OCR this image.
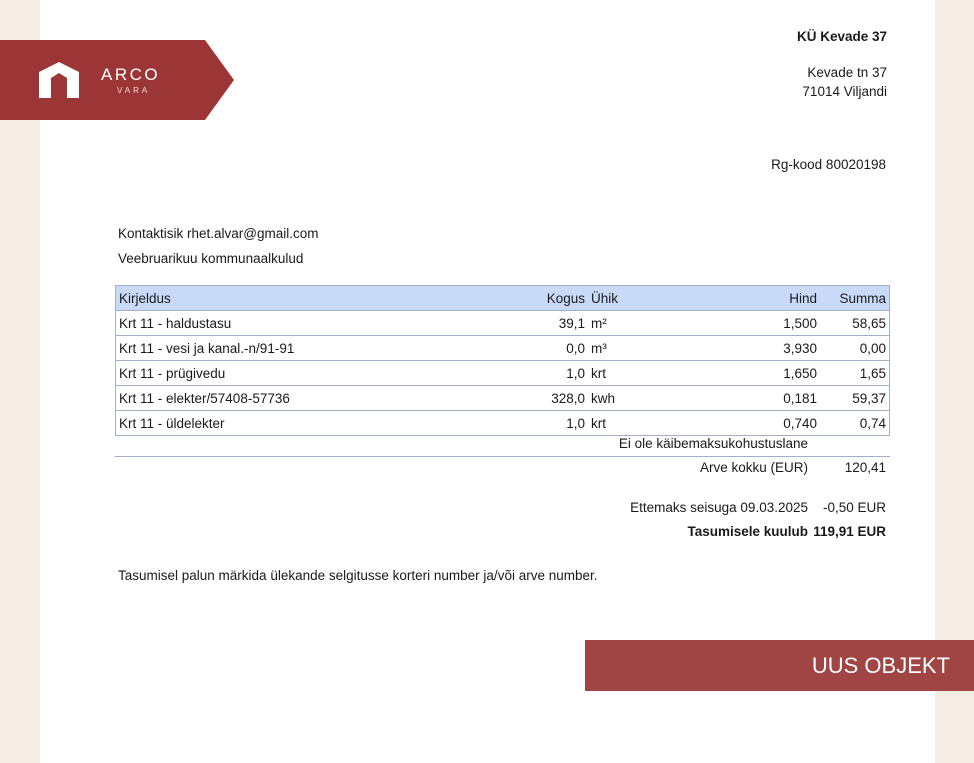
ARCO
VARA
KÜ Kevade 37
Kevade tn 37
71014 Viljandi
Rg-kood 80020198
Kontaktisik rhet.alvar@gmail.com
Veebruarikuu kommunaalkulud
Kirjeldus	Kogus	Ühik	Hind	Summa
Krt 11 - haldustasu	39,1	m²	1,500	58,65
Krt 11 - vesi ja kanal.-n/91-91	0,0	m³	3,930	0,00
Krt 11 - prügivedu	1,0	krt	1,650	1,65
Krt 11 - elekter/57408-57736	328,0	kwh	0,181	59,37
Krt 11 - üldelekter	1,0	krt	0,740	0,74
Ei ole käibemaksukohustuslane
Arve kokku (EUR)	120,41
Ettemaks seisuga 09.03.2025 -0,50 EUR
Tasumisele kuulub 119,91 EUR
Tasumisel palun märkida ülekande selgitusse korteri number ja/või arve number.
UUS OBJEKT
